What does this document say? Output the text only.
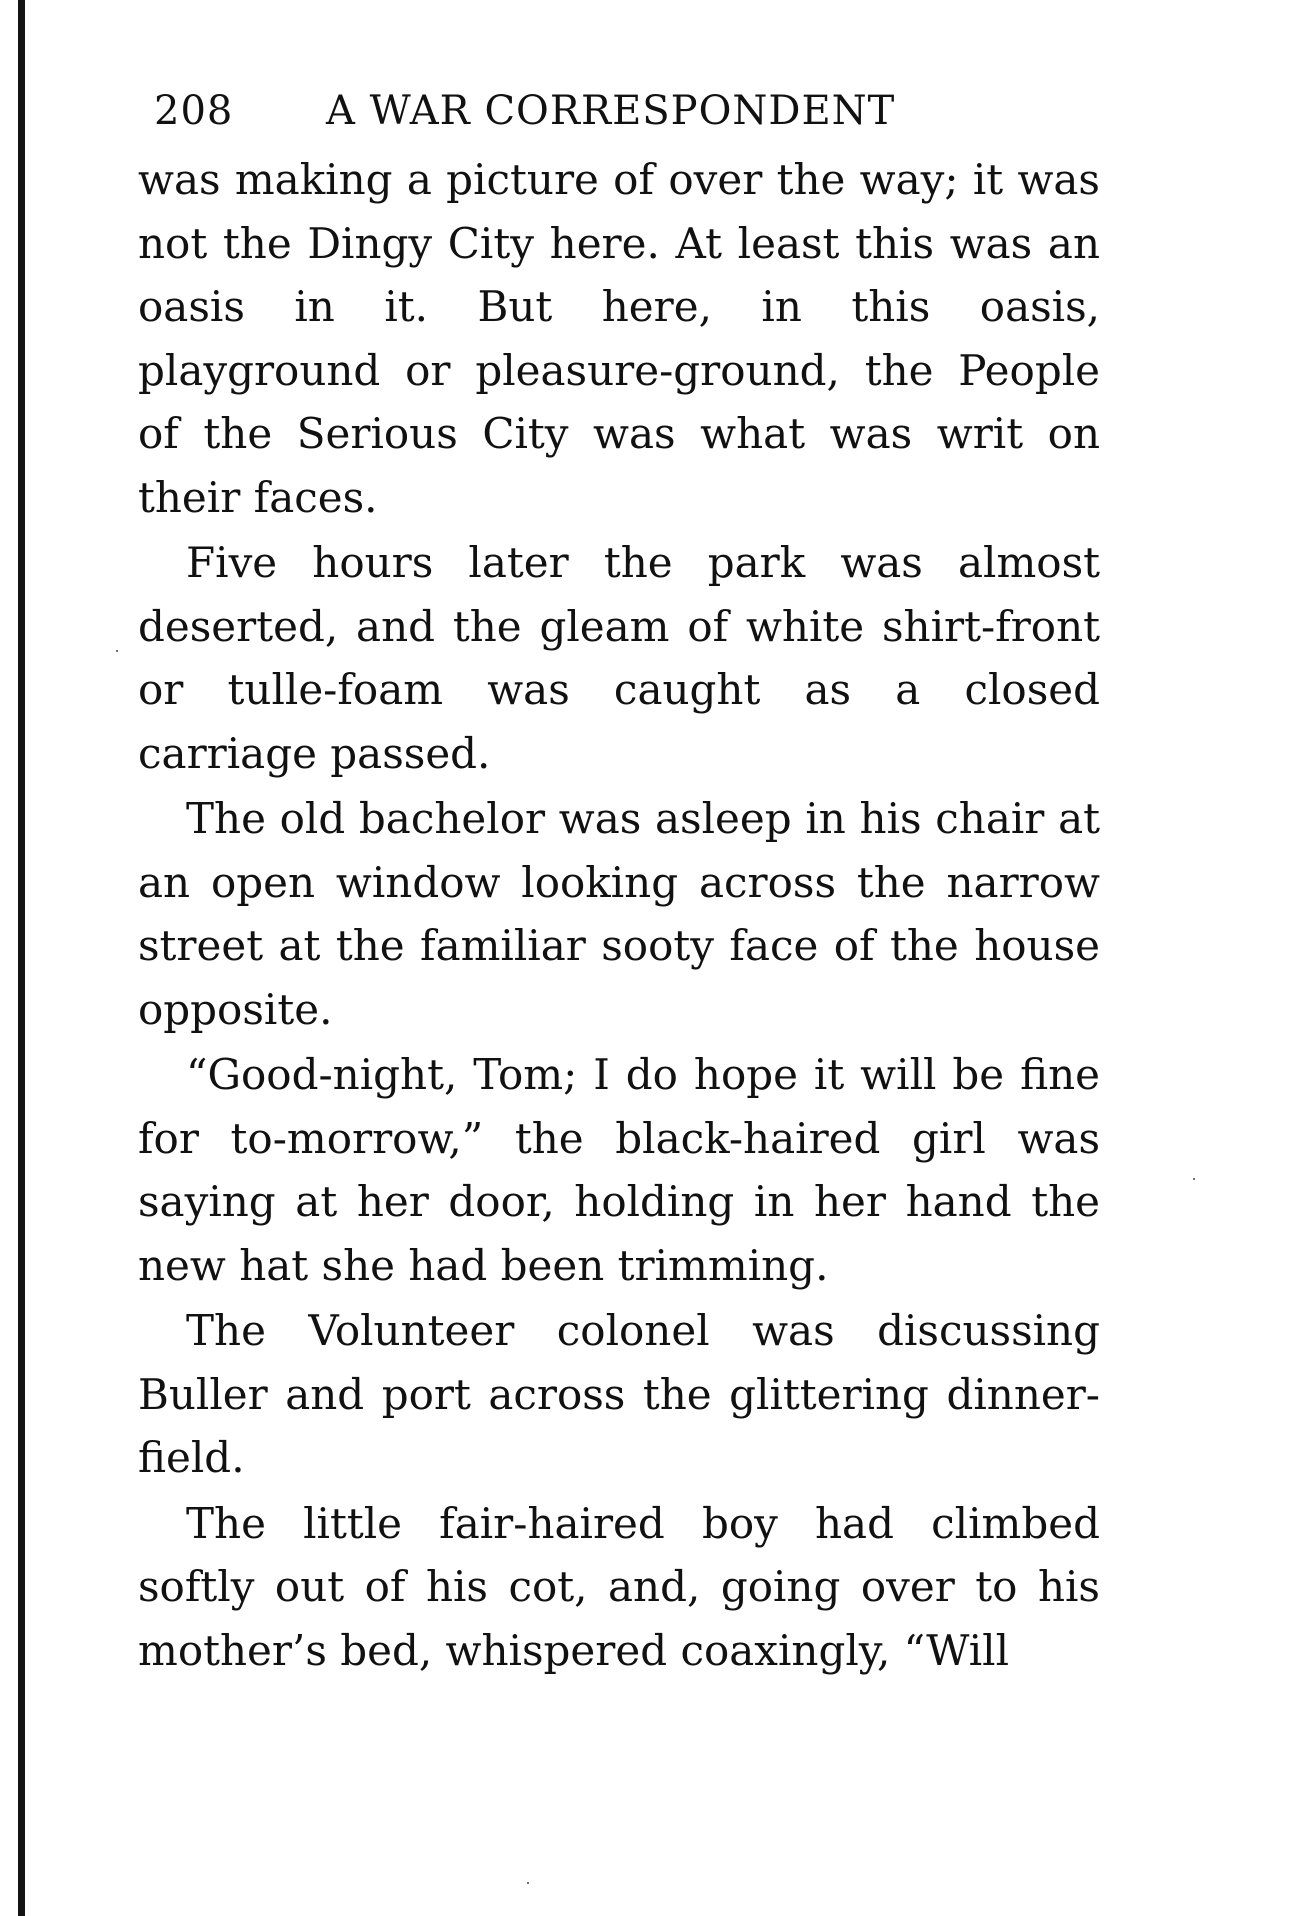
208 A WAR CORRESPONDENT

was making a picture of over the way; it was not the Dingy City here. At least this was an oasis in it. But here, in this oasis, playground or pleasure-ground, the People of the Serious City was what was writ on their faces.

Five hours later the park was almost deserted, and the gleam of white shirt-front or tulle-foam was caught as a closed carriage passed.

The old bachelor was asleep in his chair at an open window looking across the narrow street at the familiar sooty face of the house opposite.

“Good-night, Tom; I do hope it will be fine for to-morrow,” the black-haired girl was saying at her door, holding in her hand the new hat she had been trimming.

The Volunteer colonel was discussing Buller and port across the glittering dinner-field.

The little fair-haired boy had climbed softly out of his cot, and, going over to his mother’s bed, whispered coaxingly, “Will
